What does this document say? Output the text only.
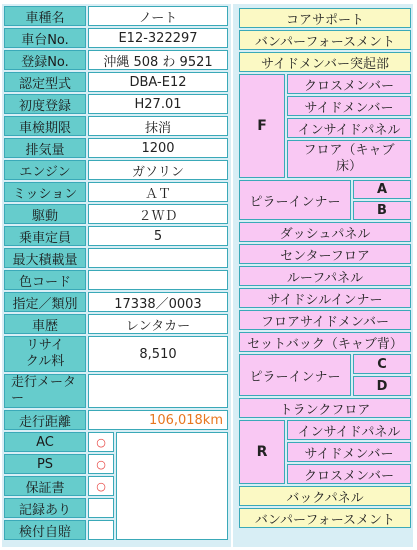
車種名	ノート
車台No.	E12-322297
登録No.	沖縄 508 わ 9521
認定型式	DBA-E12
初度登録	H27.01
車検期限	抹消
排気量	1200
エンジン	ガソリン
ミッション	ＡＴ
駆動	２ＷＤ
乗車定員	5
最大積載量
色コード
指定／類別	17338／0003
車歴	レンタカー
リサイクル料	8,510
走行メーター
走行距離	106,018km
AC	○
PS	○
保証書	○
記録あり
検付自賠
コアサポート
バンパーフォースメント
サイドメンバー突起部
F
クロスメンバー
サイドメンバー
インサイドパネル
フロア（キャブ床）
ピラーインナー
A
B
ダッシュパネル
センターフロア
ルーフパネル
サイドシルインナー
フロアサイドメンバー
セットバック（キャブ背）
ピラーインナー
C
D
トランクフロア
R
インサイドパネル
サイドメンバー
クロスメンバー
バックパネル
バンパーフォースメント
